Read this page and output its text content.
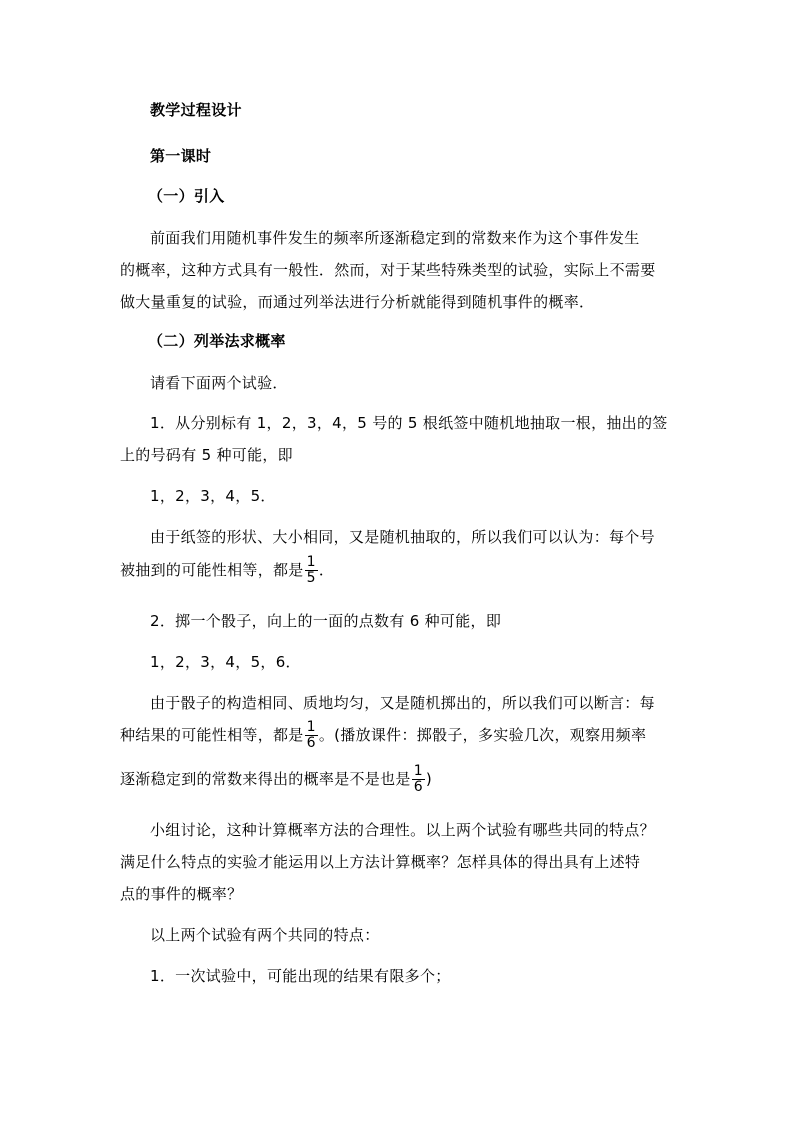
教学过程设计
第一课时
（一）引入
前面我们用随机事件发生的频率所逐渐稳定到的常数来作为这个事件发生
的概率，这种方式具有一般性．然而，对于某些特殊类型的试验，实际上不需要
做大量重复的试验，而通过列举法进行分析就能得到随机事件的概率．
（二）列举法求概率
请看下面两个试验．
1．从分别标有 1，2，3，4，5 号的 5 根纸签中随机地抽取一根，抽出的签
上的号码有 5 种可能，即
1，2，3，4，5．
由于纸签的形状、大小相同，又是随机抽取的，所以我们可以认为：每个号
被抽到的可能性相等，都是 $\frac{1}{5}$ ．
2．掷一个骰子，向上的一面的点数有 6 种可能，即
1，2，3，4，5，6．
由于骰子的构造相同、质地均匀，又是随机掷出的，所以我们可以断言：每
种结果的可能性相等，都是 $\frac{1}{6}$ 。(播放课件：掷骰子，多实验几次，观察用频率
逐渐稳定到的常数来得出的概率是不是也是 $\frac{1}{6}$ )
小组讨论，这种计算概率方法的合理性。以上两个试验有哪些共同的特点？
满足什么特点的实验才能运用以上方法计算概率？怎样具体的得出具有上述特
点的事件的概率？
以上两个试验有两个共同的特点：
1．一次试验中，可能出现的结果有限多个；
